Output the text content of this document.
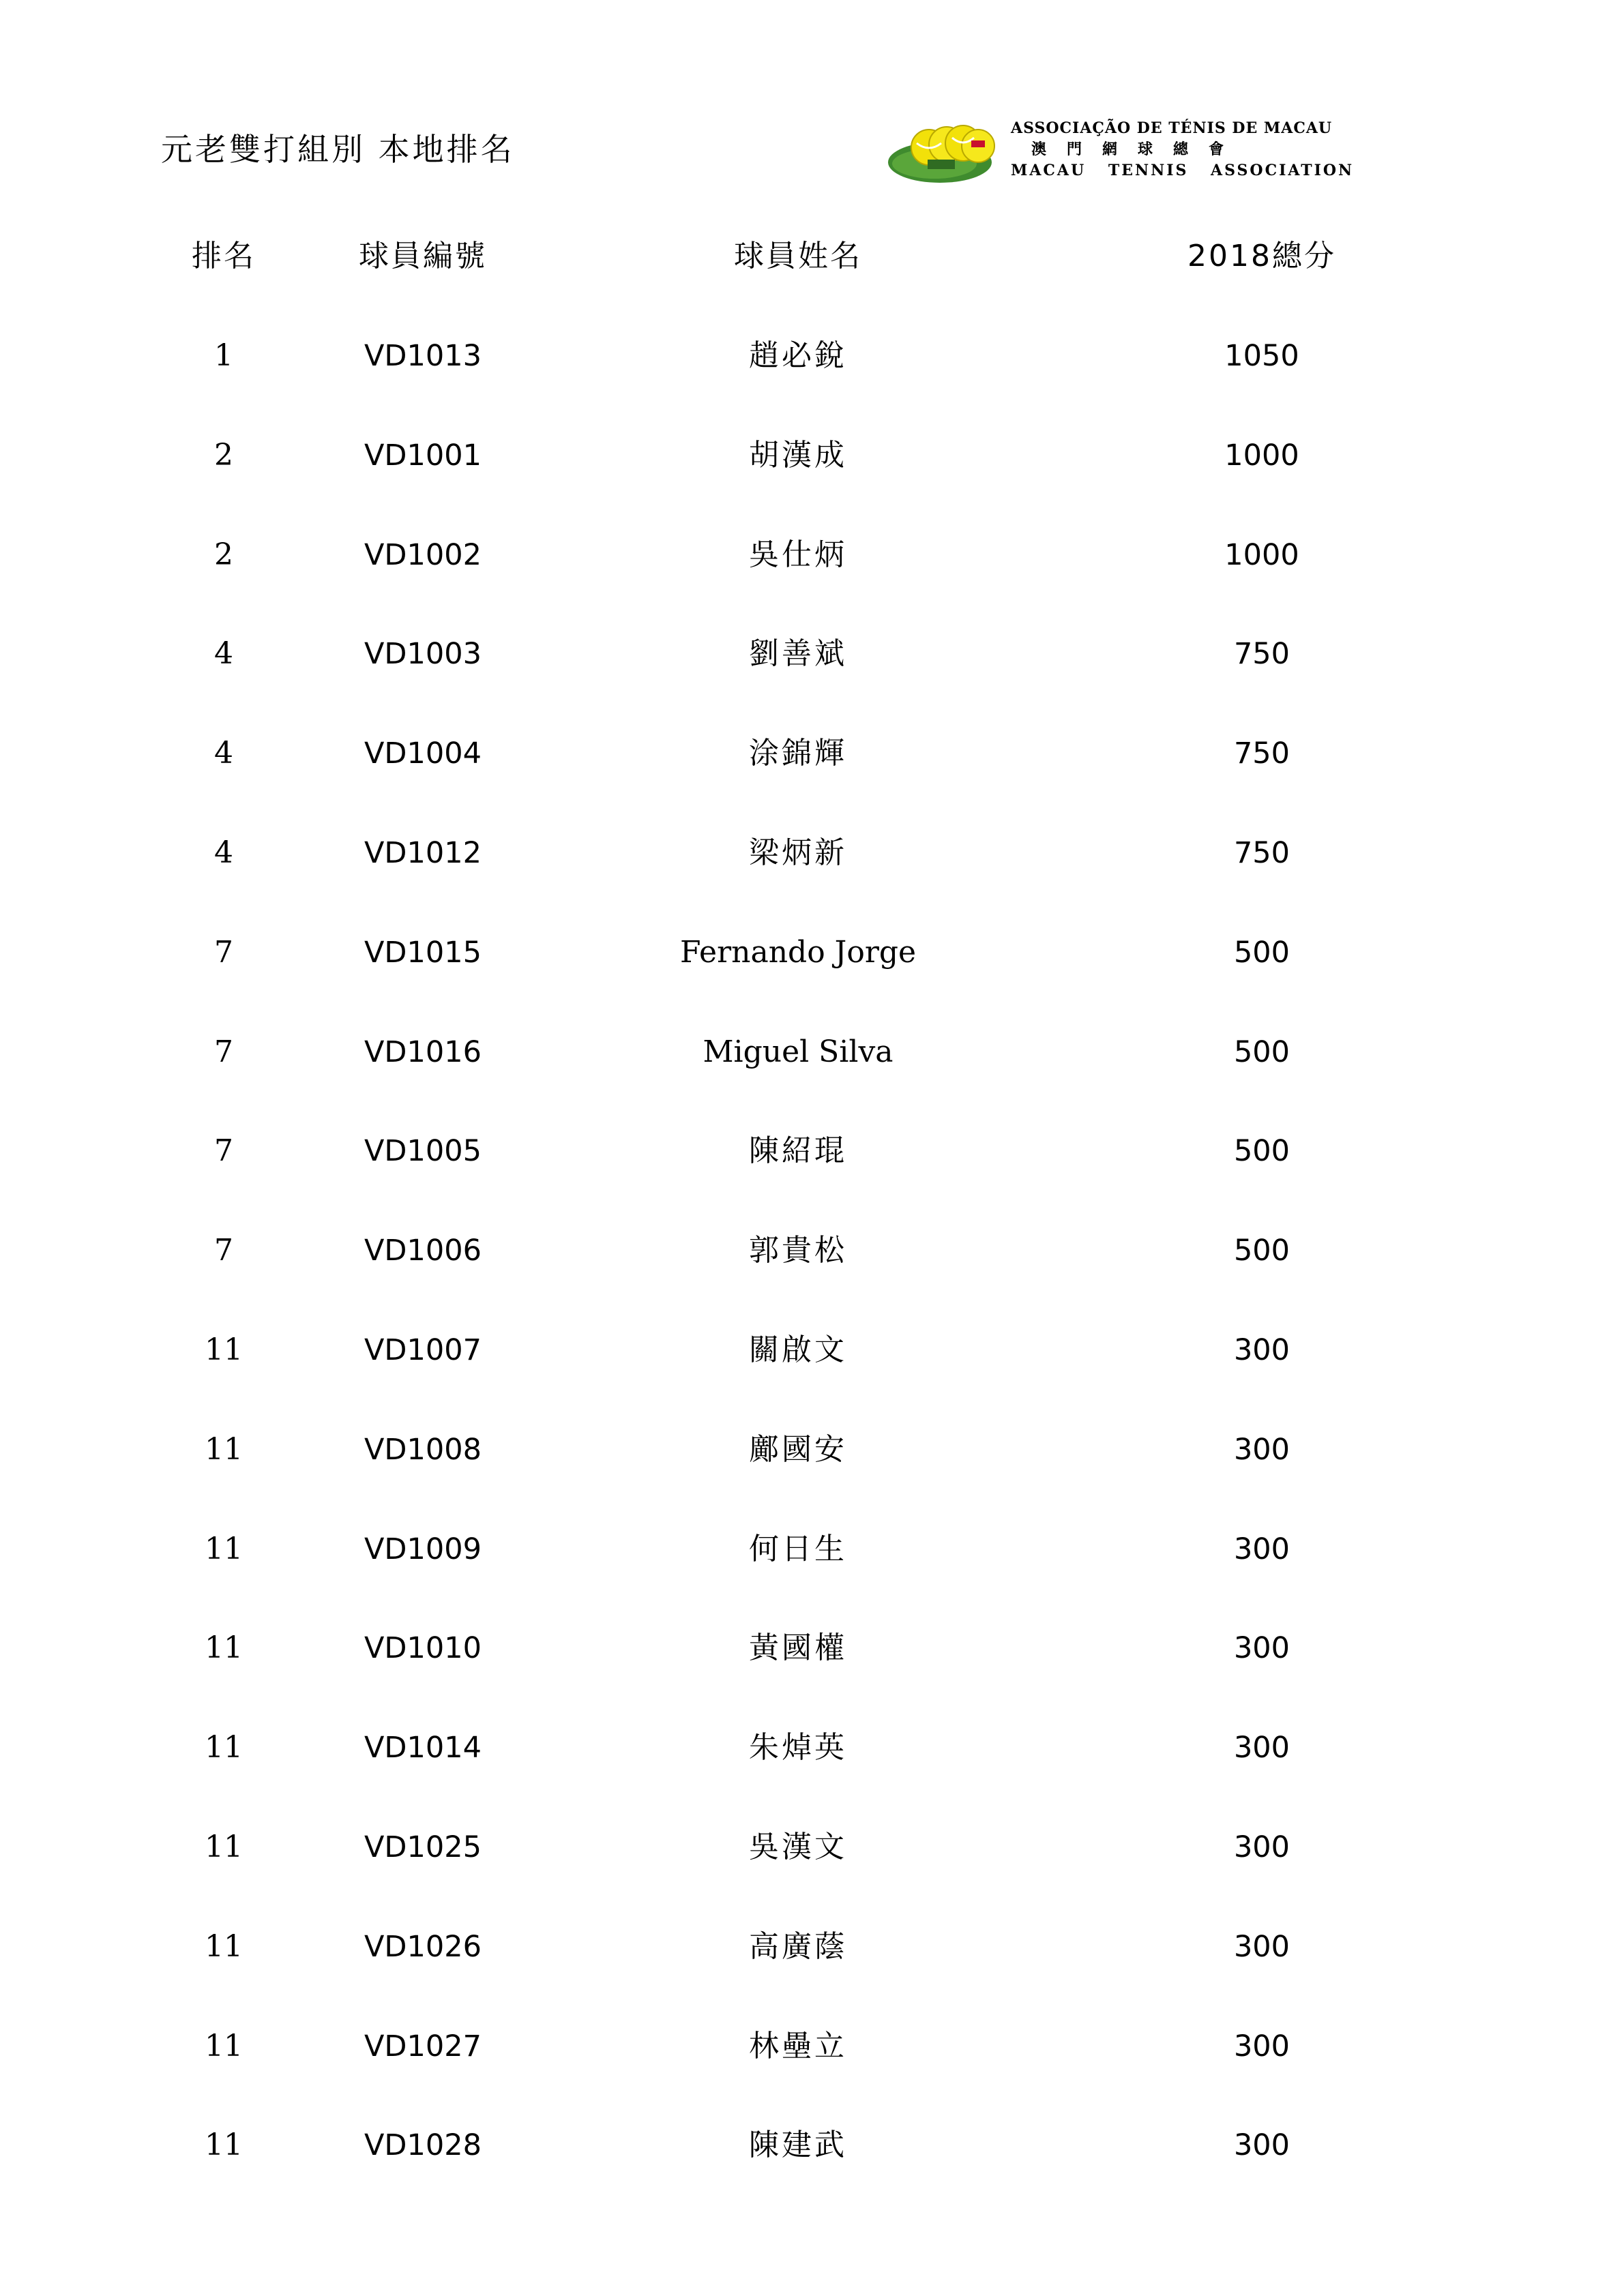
元老雙打組別 本地排名
ASSOCIAÇÃO DE TÉNIS DE MACAU
澳門網球總會
MACAU TENNIS ASSOCIATION
排名	球員編號	球員姓名	2018總分
1	VD1013	趙必銳	1050
2	VD1001	胡漢成	1000
2	VD1002	吳仕炳	1000
4	VD1003	劉善斌	750
4	VD1004	涂錦輝	750
4	VD1012	梁炳新	750
7	VD1015	Fernando Jorge	500
7	VD1016	Miguel Silva	500
7	VD1005	陳紹琨	500
7	VD1006	郭貴松	500
11	VD1007	關啟文	300
11	VD1008	鄺國安	300
11	VD1009	何日生	300
11	VD1010	黃國權	300
11	VD1014	朱焯英	300
11	VD1025	吳漢文	300
11	VD1026	高廣蔭	300
11	VD1027	林壘立	300
11	VD1028	陳建武	300
